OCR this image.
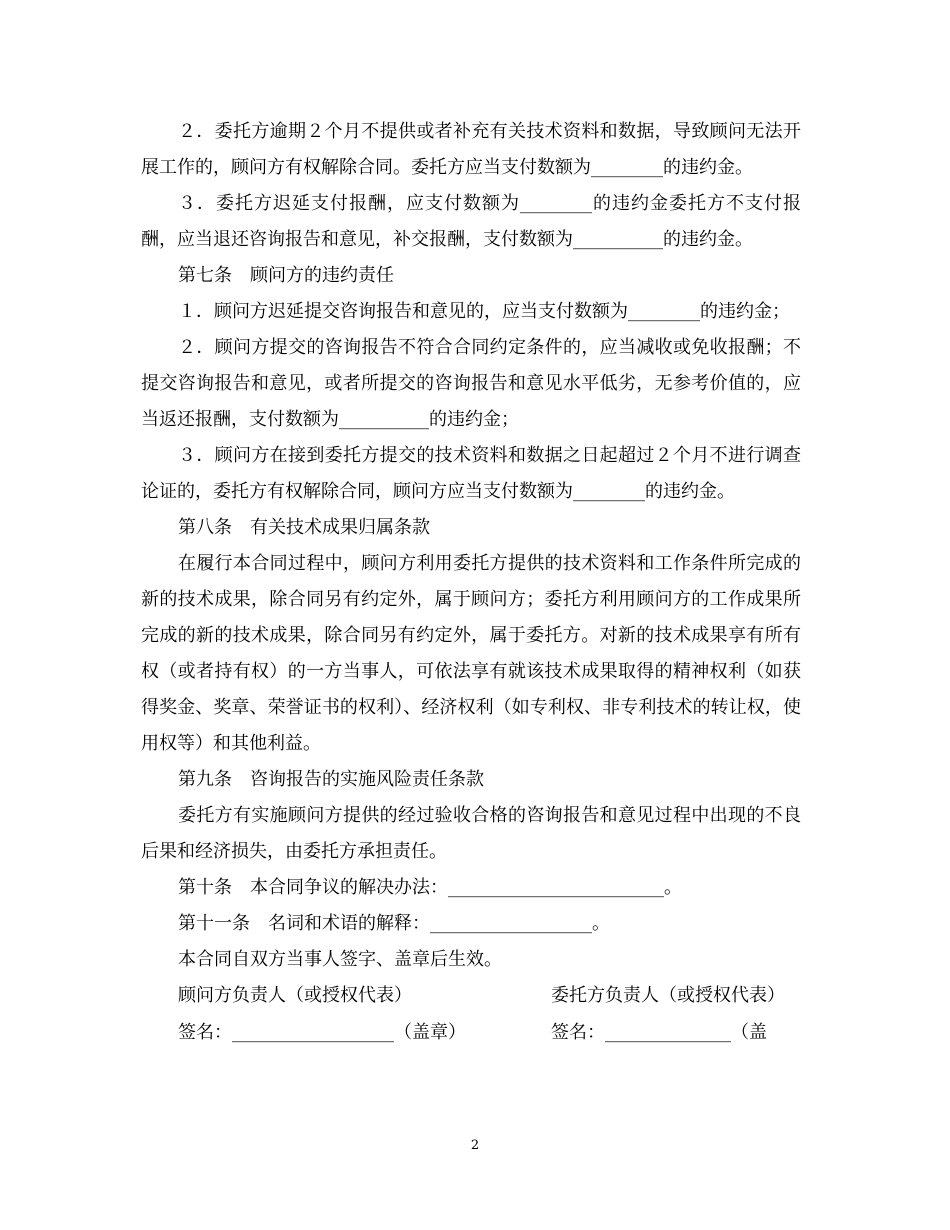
２．委托方逾期２个月不提供或者补充有关技术资料和数据，导致顾问无法开展工作的，顾问方有权解除合同。委托方应当支付数额为________的违约金。

３．委托方迟延支付报酬，应支付数额为________的违约金委托方不支付报酬，应当退还咨询报告和意见，补交报酬，支付数额为__________的违约金。

第七条　顾问方的违约责任

１．顾问方迟延提交咨询报告和意见的，应当支付数额为________的违约金；

２．顾问方提交的咨询报告不符合合同约定条件的，应当减收或免收报酬；不提交咨询报告和意见，或者所提交的咨询报告和意见水平低劣，无参考价值的，应当返还报酬，支付数额为__________的违约金；

３．顾问方在接到委托方提交的技术资料和数据之日起超过２个月不进行调查论证的，委托方有权解除合同，顾问方应当支付数额为________的违约金。

第八条　有关技术成果归属条款

在履行本合同过程中，顾问方利用委托方提供的技术资料和工作条件所完成的新的技术成果，除合同另有约定外，属于顾问方；委托方利用顾问方的工作成果所完成的新的技术成果，除合同另有约定外，属于委托方。对新的技术成果享有所有权（或者持有权）的一方当事人，可依法享有就该技术成果取得的精神权利（如获得奖金、奖章、荣誉证书的权利）、经济权利（如专利权、非专利技术的转让权，使用权等）和其他利益。

第九条　咨询报告的实施风险责任条款

委托方有实施顾问方提供的经过验收合格的咨询报告和意见过程中出现的不良后果和经济损失，由委托方承担责任。

第十条　本合同争议的解决办法：________________________。

第十一条　名词和术语的解释：__________________。

本合同自双方当事人签字、盖章后生效。

顾问方负责人（或授权代表）	委托方负责人（或授权代表）
签名：__________________（盖章）	签名：______________（盖
2
